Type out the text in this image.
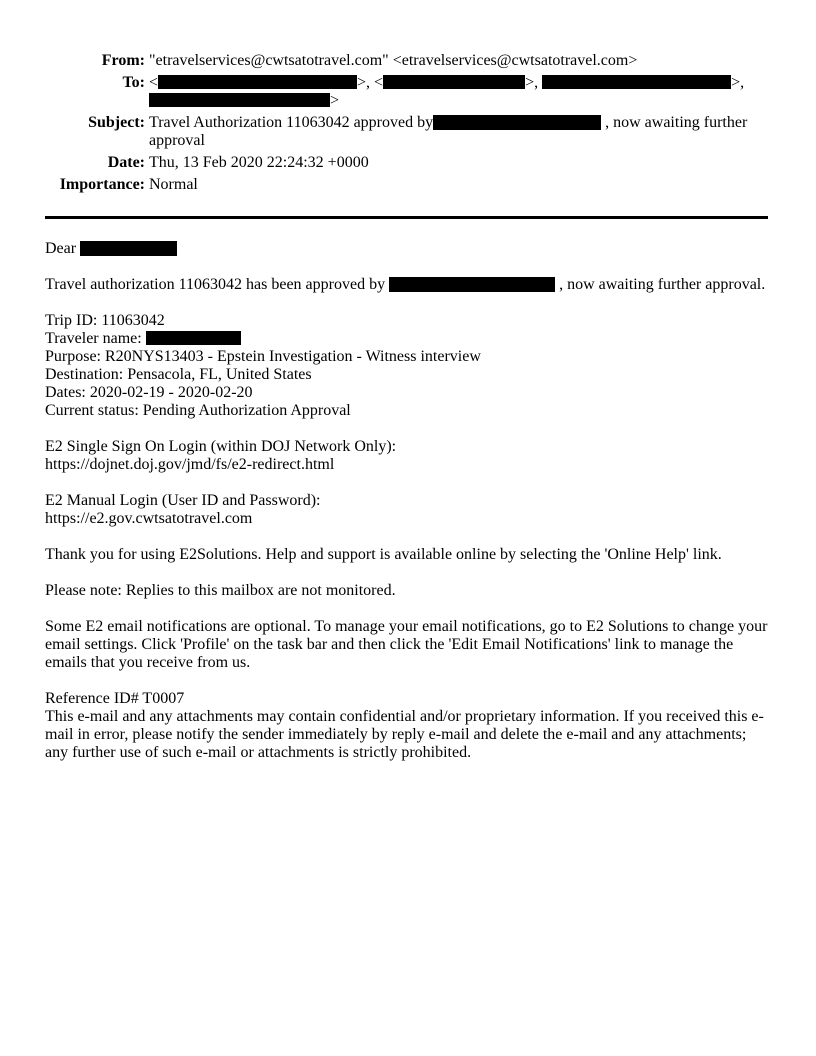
From: "etravelservices@cwtsatotravel.com" <etravelservices@cwtsatotravel.com>
To: <	>, <	>,	>,
>
Subject: Travel Authorization 11063042 approved by	, now awaiting further approval
Date: Thu, 13 Feb 2020 22:24:32 +0000
Importance: Normal

Dear

Travel authorization 11063042 has been approved by	, now awaiting further approval.

Trip ID: 11063042
Traveler name:
Purpose: R20NYS13403 - Epstein Investigation - Witness interview
Destination: Pensacola, FL, United States
Dates: 2020-02-19 - 2020-02-20
Current status: Pending Authorization Approval

E2 Single Sign On Login (within DOJ Network Only):
https://dojnet.doj.gov/jmd/fs/e2-redirect.html

E2 Manual Login (User ID and Password):
https://e2.gov.cwtsatotravel.com

Thank you for using E2Solutions. Help and support is available online by selecting the 'Online Help' link.

Please note: Replies to this mailbox are not monitored.

Some E2 email notifications are optional. To manage your email notifications, go to E2 Solutions to change your email settings. Click 'Profile' on the task bar and then click the 'Edit Email Notifications' link to manage the emails that you receive from us.

Reference ID# T0007
This e-mail and any attachments may contain confidential and/or proprietary information. If you received this e-mail in error, please notify the sender immediately by reply e-mail and delete the e-mail and any attachments; any further use of such e-mail or attachments is strictly prohibited.
